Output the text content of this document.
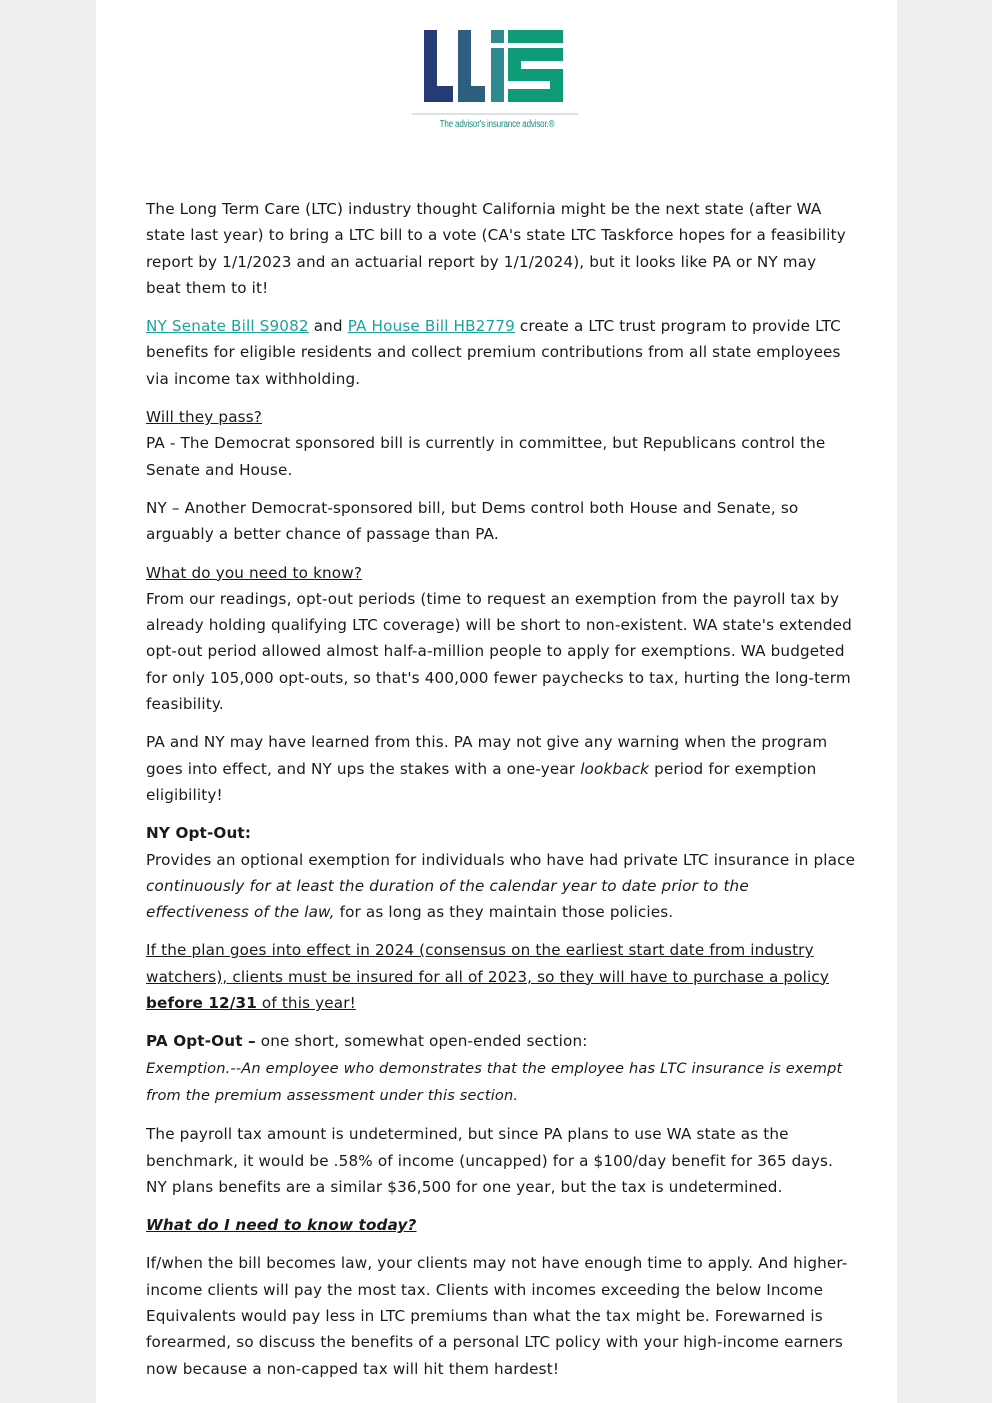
The advisor's insurance advisor.®

The Long Term Care (LTC) industry thought California might be the next state (after WA state last year) to bring a LTC bill to a vote (CA's state LTC Taskforce hopes for a feasibility report by 1/1/2023 and an actuarial report by 1/1/2024), but it looks like PA or NY may beat them to it!

NY Senate Bill S9082 and PA House Bill HB2779 create a LTC trust program to provide LTC benefits for eligible residents and collect premium contributions from all state employees via income tax withholding.

Will they pass?
PA - The Democrat sponsored bill is currently in committee, but Republicans control the Senate and House.

NY – Another Democrat-sponsored bill, but Dems control both House and Senate, so arguably a better chance of passage than PA.

What do you need to know?
From our readings, opt-out periods (time to request an exemption from the payroll tax by already holding qualifying LTC coverage) will be short to non-existent. WA state's extended opt-out period allowed almost half-a-million people to apply for exemptions. WA budgeted for only 105,000 opt-outs, so that's 400,000 fewer paychecks to tax, hurting the long-term feasibility.

PA and NY may have learned from this. PA may not give any warning when the program goes into effect, and NY ups the stakes with a one-year lookback period for exemption eligibility!

NY Opt-Out:
Provides an optional exemption for individuals who have had private LTC insurance in place continuously for at least the duration of the calendar year to date prior to the effectiveness of the law, for as long as they maintain those policies.

If the plan goes into effect in 2024 (consensus on the earliest start date from industry watchers), clients must be insured for all of 2023, so they will have to purchase a policy before 12/31 of this year!

PA Opt-Out – one short, somewhat open-ended section:
Exemption.--An employee who demonstrates that the employee has LTC insurance is exempt from the premium assessment under this section.

The payroll tax amount is undetermined, but since PA plans to use WA state as the benchmark, it would be .58% of income (uncapped) for a $100/day benefit for 365 days. NY plans benefits are a similar $36,500 for one year, but the tax is undetermined.

What do I need to know today?

If/when the bill becomes law, your clients may not have enough time to apply. And higher-income clients will pay the most tax. Clients with incomes exceeding the below Income Equivalents would pay less in LTC premiums than what the tax might be. Forewarned is forearmed, so discuss the benefits of a personal LTC policy with your high-income earners now because a non-capped tax will hit them hardest!
